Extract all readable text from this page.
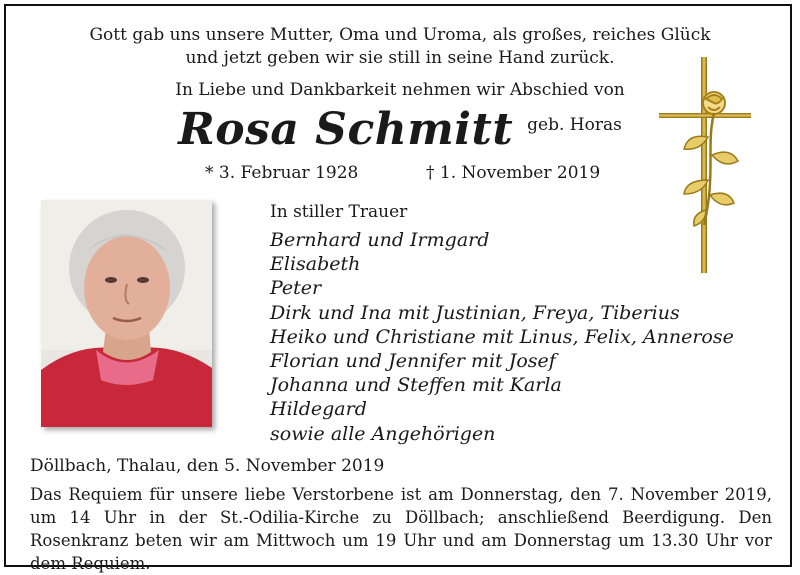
Gott gab uns unsere Mutter, Oma und Uroma, als großes, reiches Glück
und jetzt geben wir sie still in seine Hand zurück.
In Liebe und Dankbarkeit nehmen wir Abschied von
Rosa Schmitt geb. Horas
* 3. Februar 1928	† 1. November 2019
In stiller Trauer
Bernhard und Irmgard
Elisabeth
Peter
Dirk und Ina mit Justinian, Freya, Tiberius
Heiko und Christiane mit Linus, Felix, Annerose
Florian und Jennifer mit Josef
Johanna und Steffen mit Karla
Hildegard
sowie alle Angehörigen
Döllbach, Thalau, den 5. November 2019
Das Requiem für unsere liebe Verstorbene ist am Donnerstag, den 7. November 2019, um 14 Uhr in der St.-Odilia-Kirche zu Döllbach; anschließend Beerdigung. Den Rosenkranz beten wir am Mittwoch um 19 Uhr und am Donnerstag um 13.30 Uhr vor dem Requiem.
